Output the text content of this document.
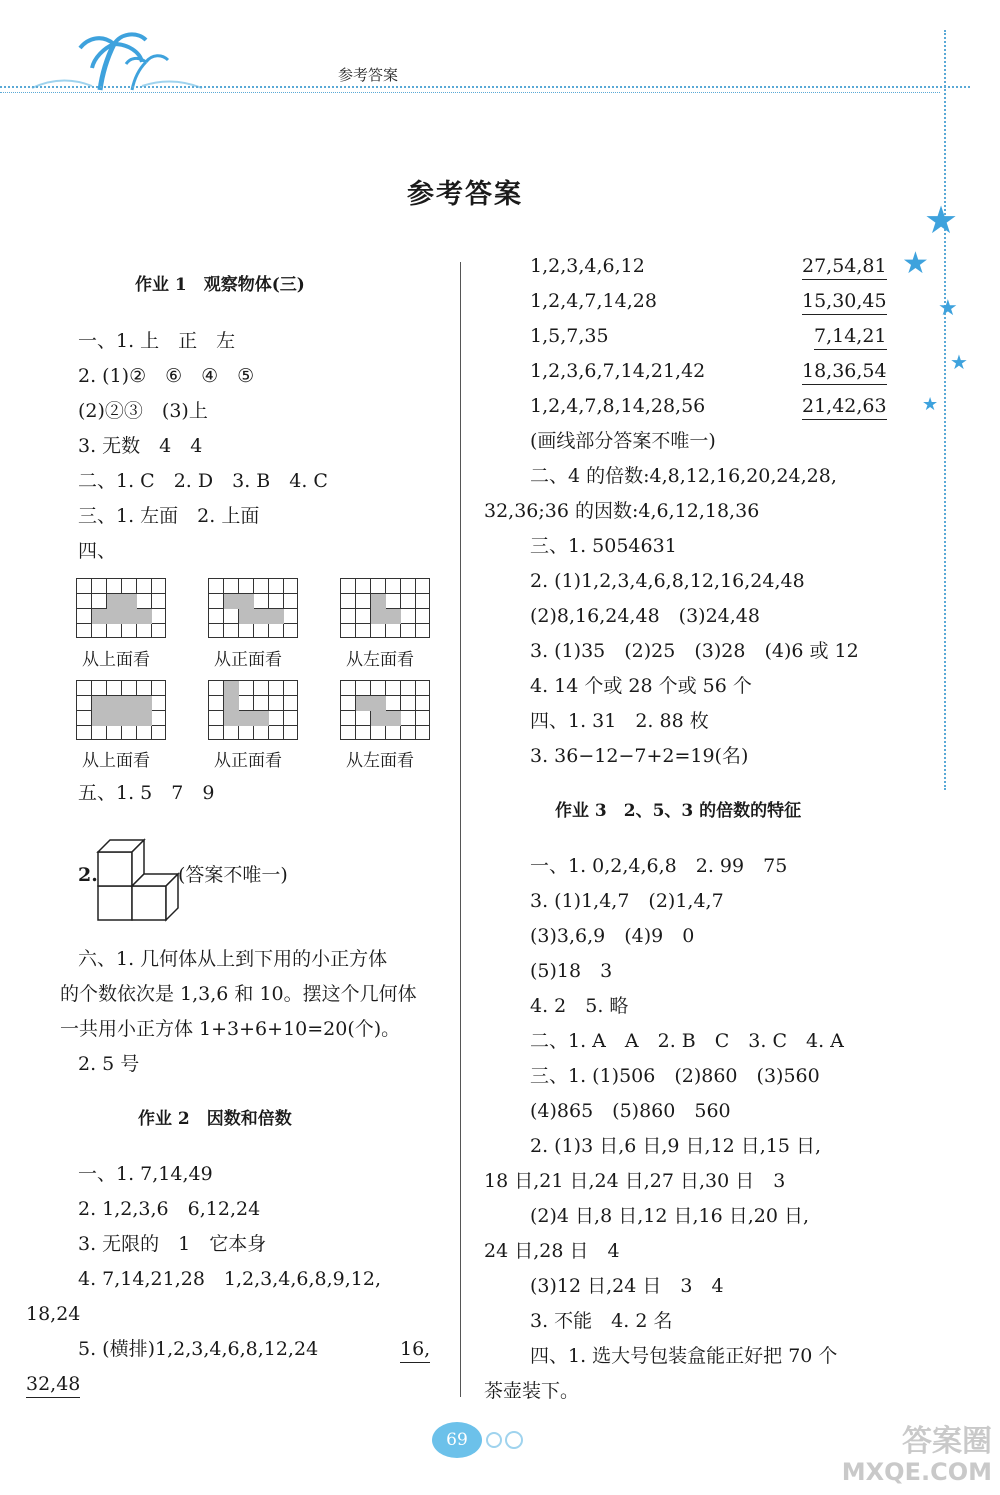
参考答案
★
★
★
★
★
参考答案
作业 1　观察物体(三)
一、1. 上　正　左
2. (1)②　⑥　④　⑤
(2)②③　(3)上
3. 无数　4　4
二、1. C　2. D　3. B　4. C
三、1. 左面　2. 上面
四、
从上面看	从正面看	从左面看
从上面看	从正面看	从左面看
五、1. 5　7　9
2.	(答案不唯一)
六、1. 几何体从上到下用的小正方体
的个数依次是 1,3,6 和 10。摆这个几何体
一共用小正方体 1+3+6+10=20(个)。
2. 5 号
作业 2　因数和倍数
一、1. 7,14,49
2. 1,2,3,6　6,12,24
3. 无限的　1　它本身
4. 7,14,21,28　1,2,3,4,6,8,9,12,
18,24
5. (横排)1,2,3,4,6,8,12,24	16,
32,48
1,2,3,4,6,12	27,54,81
1,2,4,7,14,28	15,30,45
1,5,7,35	7,14,21
1,2,3,6,7,14,21,42	18,36,54
1,2,4,7,8,14,28,56	21,42,63
(画线部分答案不唯一)
二、4 的倍数:4,8,12,16,20,24,28,
32,36;36 的因数:4,6,12,18,36
三、1. 5054631
2. (1)1,2,3,4,6,8,12,16,24,48
(2)8,16,24,48　(3)24,48
3. (1)35　(2)25　(3)28　(4)6 或 12
4. 14 个或 28 个或 56 个
四、1. 31　2. 88 枚
3. 36−12−7+2=19(名)
作业 3　2、5、3 的倍数的特征
一、1. 0,2,4,6,8　2. 99　75
3. (1)1,4,7　(2)1,4,7
(3)3,6,9　(4)9　0
(5)18　3
4. 2　5. 略
二、1. A　A　2. B　C　3. C　4. A
三、1. (1)506　(2)860　(3)560
(4)865　(5)860　560
2. (1)3 日,6 日,9 日,12 日,15 日,
18 日,21 日,24 日,27 日,30 日　3
(2)4 日,8 日,12 日,16 日,20 日,
24 日,28 日　4
(3)12 日,24 日　3　4
3. 不能　4. 2 名
四、1. 选大号包装盒能正好把 70 个
茶壶装下。
69	答案圈
MXQE.COM
